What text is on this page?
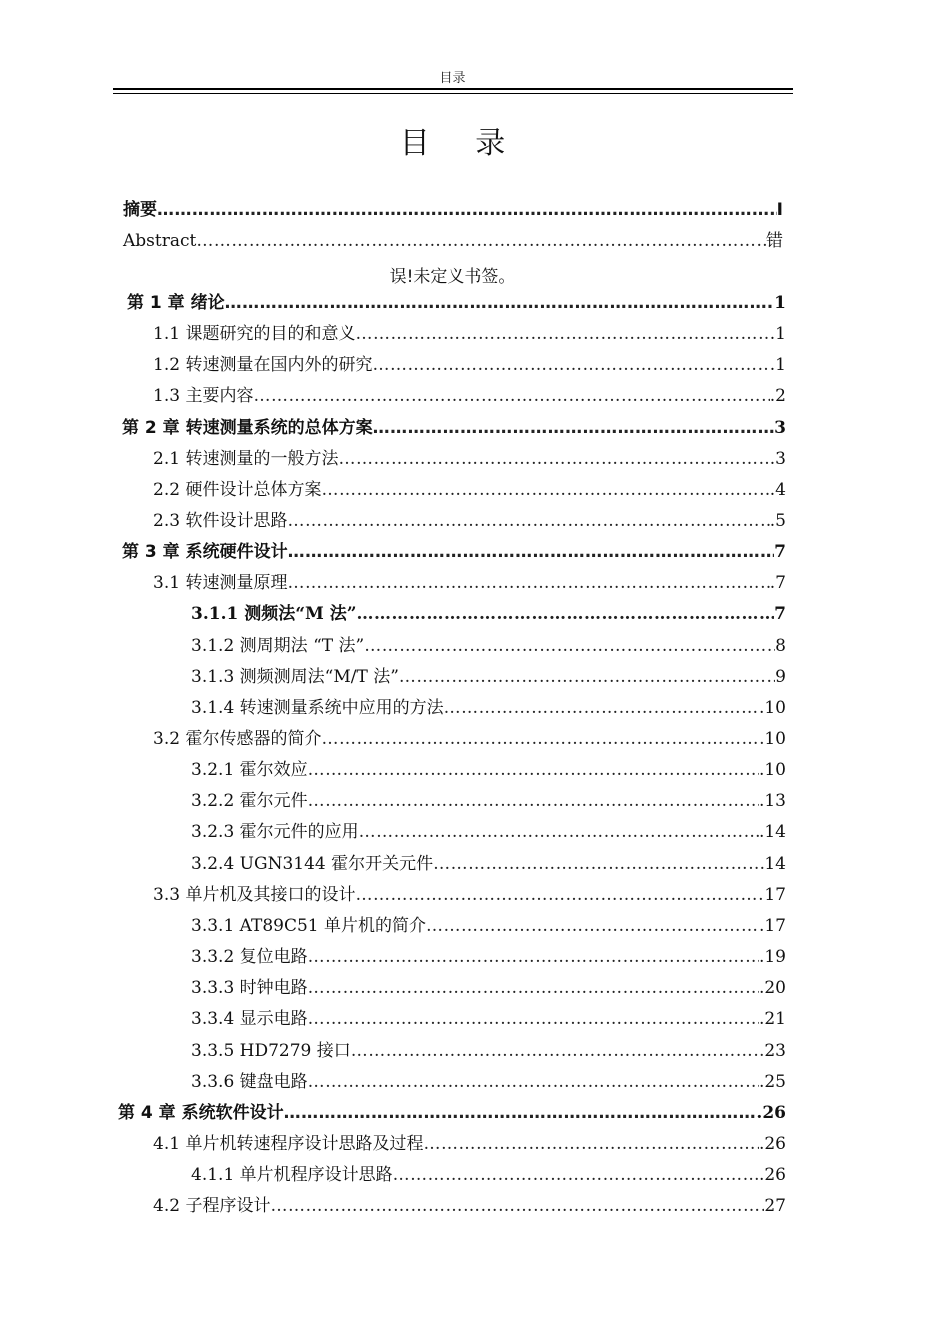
目录
目 录
摘要 ……………………………………………………………………………………………………………………………………………………………………	I
Abstract ……………………………………………………………………………………………………………………………………………………………………	错
误!未定义书签。
第 1 章 绪论 ……………………………………………………………………………………………………………………………………………………………………	1
1.1 课题研究的目的和意义 ……………………………………………………………………………………………………………………………………………………………………	.1
1.2 转速测量在国内外的研究 ……………………………………………………………………………………………………………………………………………………………………	.1
1.3 主要内容 ……………………………………………………………………………………………………………………………………………………………………	.2
第 2 章 转速测量系统的总体方案 ……………………………………………………………………………………………………………………………………………………………………	3
2.1 转速测量的一般方法 ……………………………………………………………………………………………………………………………………………………………………	.3
2.2 硬件设计总体方案 ……………………………………………………………………………………………………………………………………………………………………	.4
2.3 软件设计思路 ……………………………………………………………………………………………………………………………………………………………………	.5
第 3 章 系统硬件设计 ……………………………………………………………………………………………………………………………………………………………………	7
3.1 转速测量原理 ……………………………………………………………………………………………………………………………………………………………………	.7
3.1.1 测频法“M 法” ……………………………………………………………………………………………………………………………………………………………………	7
3.1.2 测周期法 “T 法” ……………………………………………………………………………………………………………………………………………………………………	8
3.1.3 测频测周法“M/T 法” ……………………………………………………………………………………………………………………………………………………………………	9
3.1.4 转速测量系统中应用的方法 ……………………………………………………………………………………………………………………………………………………………………	.10
3.2 霍尔传感器的简介 ……………………………………………………………………………………………………………………………………………………………………	10
3.2.1 霍尔效应 ……………………………………………………………………………………………………………………………………………………………………	.10
3.2.2 霍尔元件 ……………………………………………………………………………………………………………………………………………………………………	.13
3.2.3 霍尔元件的应用 ……………………………………………………………………………………………………………………………………………………………………	.14
3.2.4 UGN3144 霍尔开关元件 ……………………………………………………………………………………………………………………………………………………………………	14
3.3 单片机及其接口的设计 ……………………………………………………………………………………………………………………………………………………………………	17
3.3.1 AT89C51 单片机的简介 ……………………………………………………………………………………………………………………………………………………………………	.17
3.3.2 复位电路 ……………………………………………………………………………………………………………………………………………………………………	.19
3.3.3 时钟电路 ……………………………………………………………………………………………………………………………………………………………………	.20
3.3.4 显示电路 ……………………………………………………………………………………………………………………………………………………………………	.21
3.3.5 HD7279 接口 ……………………………………………………………………………………………………………………………………………………………………	23
3.3.6 键盘电路 ……………………………………………………………………………………………………………………………………………………………………	.25
第 4 章 系统软件设计 ……………………………………………………………………………………………………………………………………………………………………	.26
4.1 单片机转速程序设计思路及过程 ……………………………………………………………………………………………………………………………………………………………………	.26
4.1.1 单片机程序设计思路 ……………………………………………………………………………………………………………………………………………………………………	.26
4.2 子程序设计 ……………………………………………………………………………………………………………………………………………………………………	27
